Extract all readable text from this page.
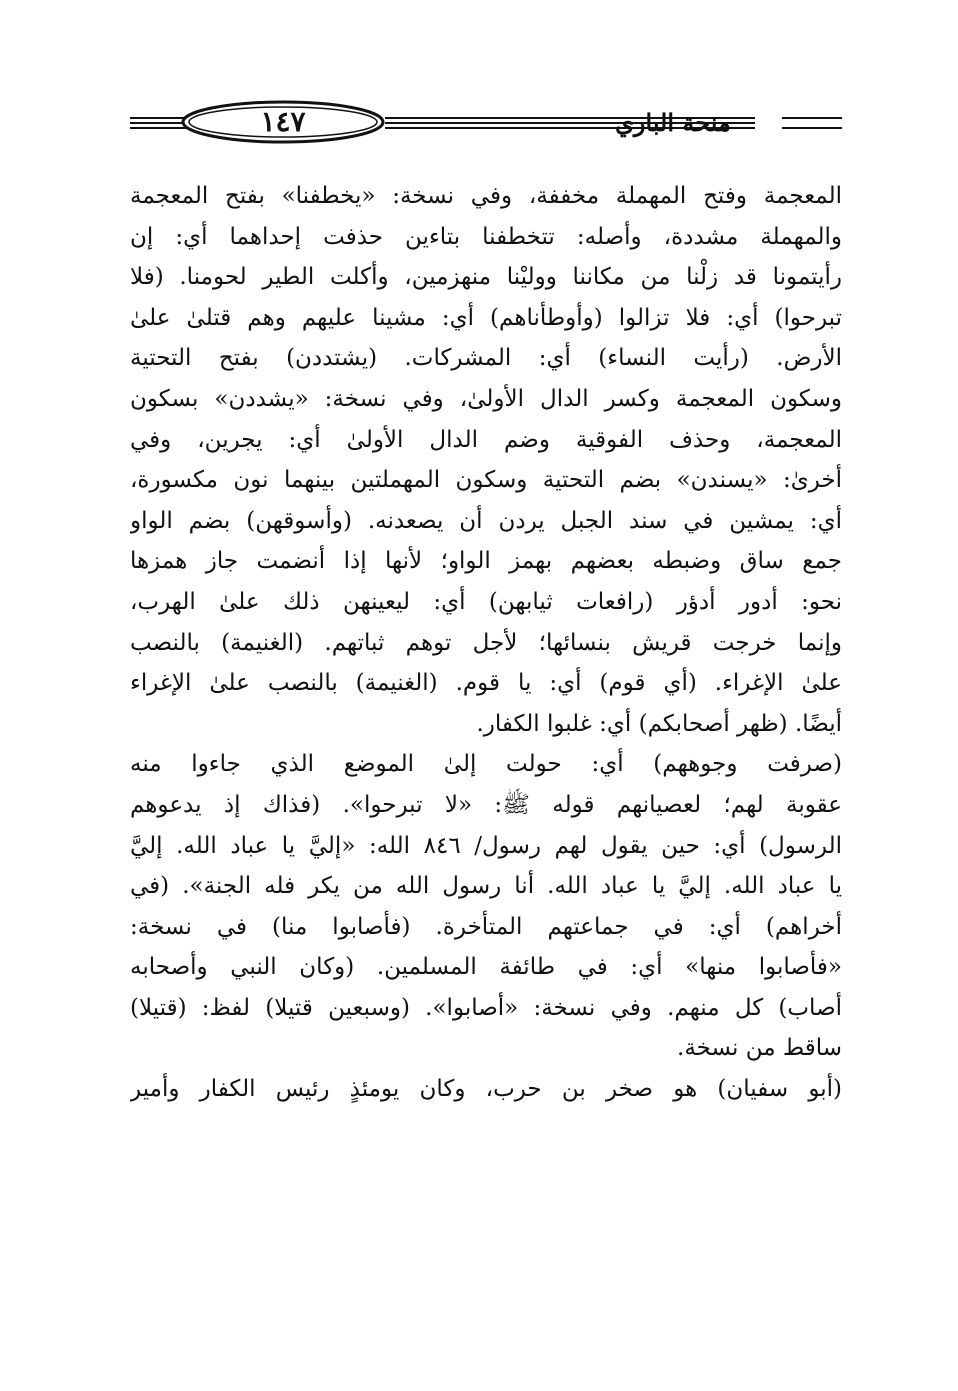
١٤٧	منحة الباري
المعجمة وفتح المهملة مخففة، وفي نسخة: «يخطفنا» بفتح المعجمة
والمهملة مشددة، وأصله: تتخطفنا بتاءين حذفت إحداهما أي: إن
رأيتمونا قد زلْنا من مكاننا ووليْنا منهزمين، وأكلت الطير لحومنا. (فلا
تبرحوا) أي: فلا تزالوا (وأوطأناهم) أي: مشينا عليهم وهم قتلىٰ علىٰ
الأرض. (رأيت النساء) أي: المشركات. (يشتددن) بفتح التحتية
وسكون المعجمة وكسر الدال الأولىٰ، وفي نسخة: «يشددن» بسكون
المعجمة، وحذف الفوقية وضم الدال الأولىٰ أي: يجرين، وفي
أخرىٰ: «يسندن» بضم التحتية وسكون المهملتين بينهما نون مكسورة،
أي: يمشين في سند الجبل يردن أن يصعدنه. (وأسوقهن) بضم الواو
جمع ساق وضبطه بعضهم بهمز الواو؛ لأنها إذا أنضمت جاز همزها
نحو: أدور أدؤر (رافعات ثيابهن) أي: ليعينهن ذلك علىٰ الهرب،
وإنما خرجت قريش بنسائها؛ لأجل توهم ثباتهم. (الغنيمة) بالنصب
علىٰ الإغراء. (أي قوم) أي: يا قوم. (الغنيمة) بالنصب علىٰ الإغراء
أيضًا. (ظهر أصحابكم) أي: غلبوا الكفار.
(صرفت وجوههم) أي: حولت إلىٰ الموضع الذي جاءوا منه
عقوبة لهم؛ لعصيانهم قوله ﷺ: «لا تبرحوا». (فذاك إذ يدعوهم
الرسول) أي: حين يقول لهم رسول/ ٨٤٦ الله: «إليَّ يا عباد الله. إليَّ
يا عباد الله. إليَّ يا عباد الله. أنا رسول الله من يكر فله الجنة». (في
أخراهم) أي: في جماعتهم المتأخرة. (فأصابوا منا) في نسخة:
«فأصابوا منها» أي: في طائفة المسلمين. (وكان النبي وأصحابه
أصاب) كل منهم. وفي نسخة: «أصابوا». (وسبعين قتيلا) لفظ: (قتيلا)
ساقط من نسخة.
(أبو سفيان) هو صخر بن حرب، وكان يومئذٍ رئيس الكفار وأمير
